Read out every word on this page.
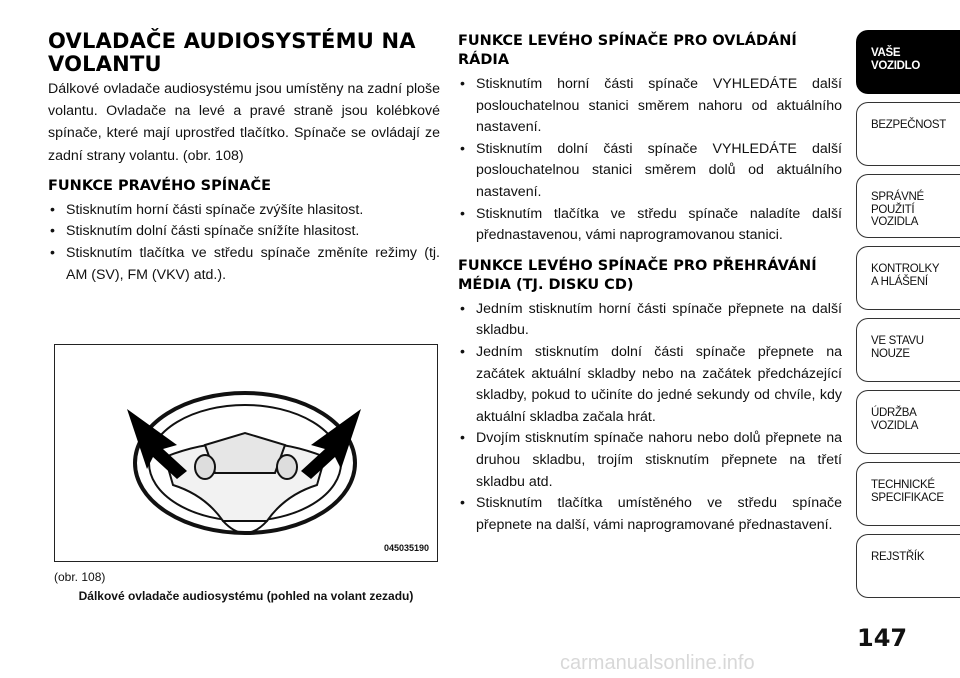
OVLADAČE AUDIOSYSTÉMU NA VOLANTU

Dálkové ovladače audiosystému jsou umístěny na zadní ploše volantu. Ovladače na levé a pravé straně jsou kolébkové spínače, které mají uprostřed tlačítko. Spínače se ovládají ze zadní strany volantu. (obr. 108)

FUNKCE PRAVÉHO SPÍNAČE
• Stisknutím horní části spínače zvýšíte hlasitost.
• Stisknutím dolní části spínače snížíte hlasitost.
• Stisknutím tlačítka ve středu spínače změníte režimy (tj. AM (SV), FM (VKV) atd.).
045035190
(obr. 108)
Dálkové ovladače audiosystému (pohled na volant zezadu)
FUNKCE LEVÉHO SPÍNAČE PRO OVLÁDÁNÍ RÁDIA
• Stisknutím horní části spínače VYHLEDÁTE další poslouchatelnou stanici směrem nahoru od aktuálního nastavení.
• Stisknutím dolní části spínače VYHLEDÁTE další poslouchatelnou stanici směrem dolů od aktuálního nastavení.
• Stisknutím tlačítka ve středu spínače naladíte další přednastavenou, vámi naprogramovanou stanici.
FUNKCE LEVÉHO SPÍNAČE PRO PŘEHRÁVÁNÍ MÉDIA (TJ. DISKU CD)
• Jedním stisknutím horní části spínače přepnete na další skladbu.
• Jedním stisknutím dolní části spínače přepnete na začátek aktuální skladby nebo na začátek předcházející skladby, pokud to učiníte do jedné sekundy od chvíle, kdy aktuální skladba začala hrát.
• Dvojím stisknutím spínače nahoru nebo dolů přepnete na druhou skladbu, trojím stisknutím přepnete na třetí skladbu atd.
• Stisknutím tlačítka umístěného ve středu spínače přepnete na další, vámi naprogramované přednastavení.
VAŠE
VOZIDLO
BEZPEČNOST
SPRÁVNÉ
POUŽITÍ
VOZIDLA
KONTROLKY
A HLÁŠENÍ
VE STAVU
NOUZE
ÚDRŽBA
VOZIDLA
TECHNICKÉ
SPECIFIKACE
REJSTŘÍK
147
carmanualsonline.info
